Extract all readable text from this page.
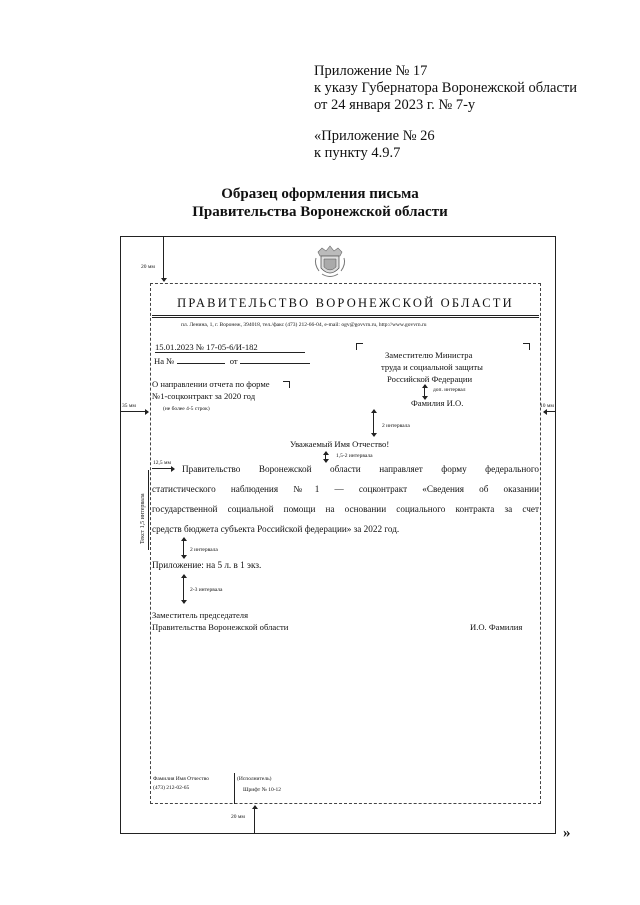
Приложение № 17
к указу Губернатора Воронежской области
от 24 января 2023 г. № 7-у
«Приложение № 26
к пункту 4.9.7
Образец оформления письма
Правительства Воронежской области
20 мм
ПРАВИТЕЛЬСТВО ВОРОНЕЖСКОЙ ОБЛАСТИ
пл. Ленина, 1, г. Воронеж, 394018, тел./факс (473) 212-66-04, e-mail: ogv@govvrn.ru, http://www.govvrn.ru
15.01.2023 № 17-05-6/И-182
На №	от
Заместителю Министра
труда и социальной защиты
Российской Федерации
доп. интервал
Фамилия И.О.
О направлении отчета по форме
№1-соцконтракт за 2020 год
(не более 4-5 строк)
35 мм	10 мм
2 интервала
Уважаемый Имя Отчество!
1,5-2 интервала
12,5 мм
Текст 1,5 интервала
Правительство Воронежской области направляет форму федерального
статистического наблюдения №1 — соцконтракт «Сведения об оказании
государственной социальной помощи на основании социального контракта за счет
средств бюджета субъекта Российской федерации» за 2022 год.
2 интервала
Приложение: на 5 л. в 1 экз.
2-3 интервала
Заместитель председателя
Правительства Воронежской области	И.О. Фамилия
Фамилия Имя Отчество	(Исполнитель)
(473) 212-02-65	Шрифт № 10-12
20 мм
»
